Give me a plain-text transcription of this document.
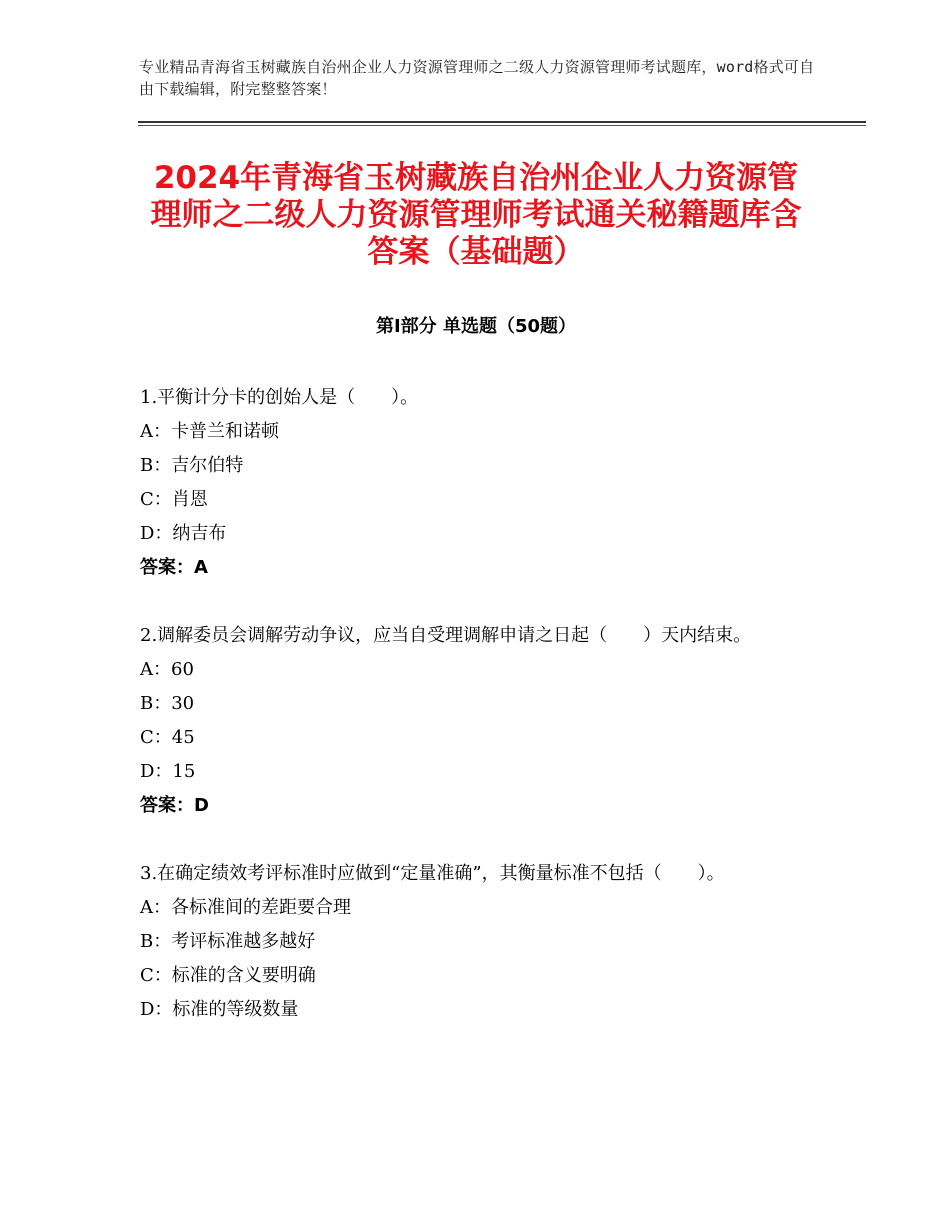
专业精品青海省玉树藏族自治州企业人力资源管理师之二级人力资源管理师考试题库，word格式可自由下载编辑，附完整整答案！
2024年青海省玉树藏族自治州企业人力资源管理师之二级人力资源管理师考试通关秘籍题库含答案（基础题）
第Ⅰ部分 单选题（50题）

1.平衡计分卡的创始人是（　　）。

A：卡普兰和诺顿

B：吉尔伯特

C：肖恩

D：纳吉布

答案：A

2.调解委员会调解劳动争议，应当自受理调解申请之日起（　　）天内结束。

A：60

B：30

C：45

D：15

答案：D

3.在确定绩效考评标准时应做到“定量准确”，其衡量标准不包括（　　）。

A：各标准间的差距要合理

B：考评标准越多越好

C：标准的含义要明确

D：标准的等级数量
